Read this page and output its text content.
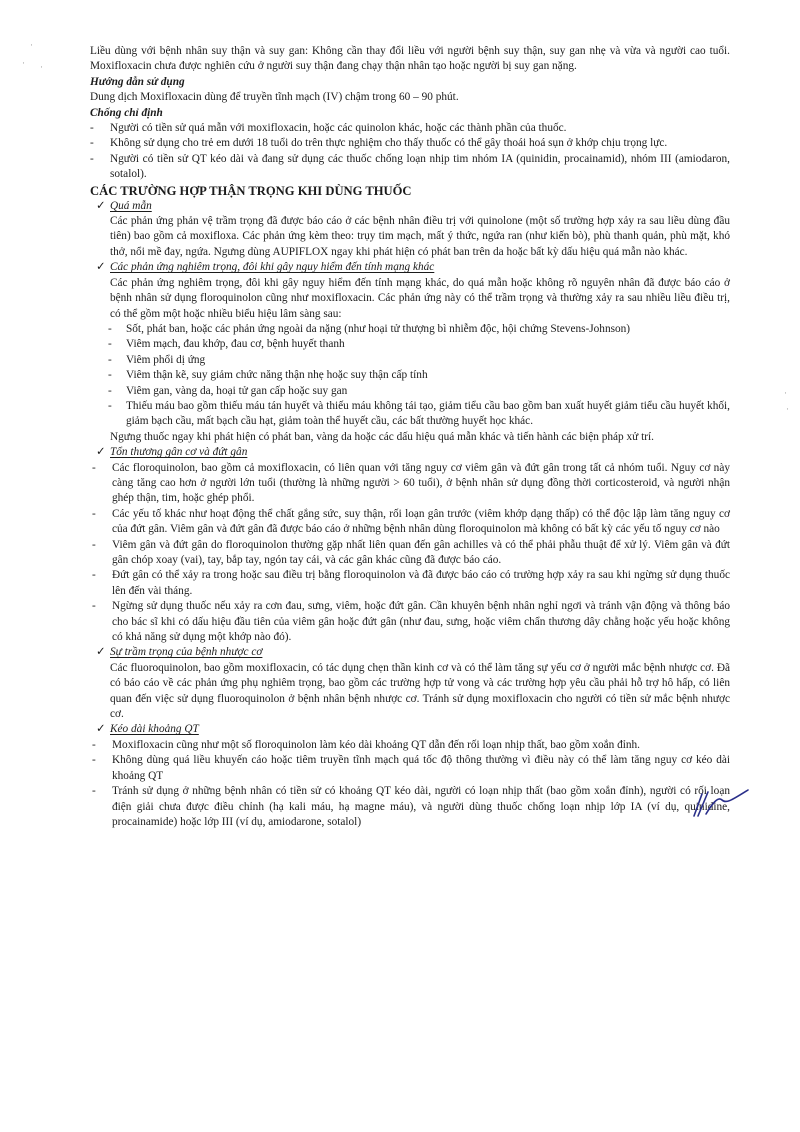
Liều dùng với bệnh nhân suy thận và suy gan: Không cần thay đổi liều với người bệnh suy thận, suy gan nhẹ và vừa và người cao tuổi. Moxifloxacin chưa được nghiên cứu ở người suy thận đang chạy thận nhân tạo hoặc người bị suy gan nặng.

Hướng dẫn sử dụng

Dung dịch Moxifloxacin dùng để truyền tĩnh mạch (IV) chậm trong 60 – 90 phút.

Chống chỉ định

-	Người có tiền sử quá mẫn với moxifloxacin, hoặc các quinolon khác, hoặc các thành phần của thuốc.
-	Không sử dụng cho trẻ em dưới 18 tuổi do trên thực nghiệm cho thấy thuốc có thể gây thoái hoá sụn ở khớp chịu trọng lực.
-	Người có tiền sử QT kéo dài và đang sử dụng các thuốc chống loạn nhịp tim nhóm IA (quinidin, procainamid), nhóm III (amiodaron, sotalol).

CÁC TRƯỜNG HỢP THẬN TRỌNG KHI DÙNG THUỐC

✓ Quá mẫn

Các phản ứng phản vệ trầm trọng đã được báo cáo ở các bệnh nhân điều trị với quinolone (một số trường hợp xảy ra sau liều dùng đầu tiên) bao gồm cả moxifloxa. Các phản ứng kèm theo: trụy tim mạch, mất ý thức, ngứa ran (như kiến bò), phù thanh quản, phù mặt, khó thở, nổi mề đay, ngứa. Ngưng dùng AUPIFLOX ngay khi phát hiện có phát ban trên da hoặc bất kỳ dấu hiệu quá mẫn nào khác.

✓ Các phản ứng nghiêm trọng, đôi khi gây nguy hiểm đến tính mạng khác

Các phản ứng nghiêm trọng, đôi khi gây nguy hiểm đến tính mạng khác, do quá mẫn hoặc không rõ nguyên nhân đã được báo cáo ở bệnh nhân sử dụng floroquinolon cũng như moxifloxacin. Các phản ứng này có thể trầm trọng và thường xảy ra sau nhiều liều điều trị, có thể gồm một hoặc nhiều biểu hiệu lâm sàng sau:

-	Sốt, phát ban, hoặc các phản ứng ngoài da nặng (như hoại tử thượng bì nhiễm độc, hội chứng Stevens-Johnson)
-	Viêm mạch, đau khớp, đau cơ, bệnh huyết thanh
-	Viêm phổi dị ứng
-	Viêm thận kẽ, suy giảm chức năng thận nhẹ hoặc suy thận cấp tính
-	Viêm gan, vàng da, hoại tử gan cấp hoặc suy gan
-	Thiếu máu bao gồm thiếu máu tán huyết và thiếu máu không tái tạo, giảm tiểu cầu bao gồm ban xuất huyết giảm tiểu cầu huyết khối, giảm bạch cầu, mất bạch cầu hạt, giảm toàn thể huyết cầu, các bất thường huyết học khác.

Ngưng thuốc ngay khi phát hiện có phát ban, vàng da hoặc các dấu hiệu quá mẫn khác và tiến hành các biện pháp xử trí.

✓ Tổn thương gân cơ và đứt gân

-	Các floroquinolon, bao gồm cả moxifloxacin, có liên quan với tăng nguy cơ viêm gân và đứt gân trong tất cả nhóm tuổi. Nguy cơ này càng tăng cao hơn ở người lớn tuổi (thường là những người > 60 tuổi), ở bệnh nhân sử dụng đồng thời corticosteroid, và người nhận ghép thận, tim, hoặc ghép phổi.
-	Các yếu tố khác như hoạt động thể chất gắng sức, suy thận, rối loạn gân trước (viêm khớp dạng thấp) có thể độc lập làm tăng nguy cơ của đứt gân. Viêm gân và đứt gân đã được báo cáo ở những bệnh nhân dùng floroquinolon mà không có bất kỳ các yếu tố nguy cơ nào
-	Viêm gân và đứt gân do floroquinolon thường gặp nhất liên quan đến gân achilles và có thể phải phẫu thuật để xử lý. Viêm gân và đứt gân chóp xoay (vai), tay, bắp tay, ngón tay cái, và các gân khác cũng đã được báo cáo.
-	Đứt gân có thể xảy ra trong hoặc sau điều trị bằng floroquinolon và đã được báo cáo có trường hợp xảy ra sau khi ngừng sử dụng thuốc lên đến vài tháng.
-	Ngừng sử dụng thuốc nếu xảy ra cơn đau, sưng, viêm, hoặc đứt gân. Cần khuyên bệnh nhân nghỉ ngơi và tránh vận động và thông báo cho bác sĩ khi có dấu hiệu đầu tiên của viêm gân hoặc đứt gân (như đau, sưng, hoặc viêm chẩn thương dây chằng hoặc yếu hoặc không có khả năng sử dụng một khớp nào đó).

✓ Sự trầm trọng của bệnh nhược cơ

Các fluoroquinolon, bao gồm moxifloxacin, có tác dụng chẹn thần kinh cơ và có thể làm tăng sự yếu cơ ở người mắc bệnh nhược cơ. Đã có báo cáo về các phản ứng phụ nghiêm trọng, bao gồm các trường hợp tử vong và các trường hợp yêu cầu phải hỗ trợ hô hấp, có liên quan đến việc sử dụng fluoroquinolon ở bệnh nhân bệnh nhược cơ. Tránh sử dụng moxifloxacin cho người có tiền sử mắc bệnh nhược cơ.

✓ Kéo dài khoảng QT

-	Moxifloxacin cũng như một số floroquinolon làm kéo dài khoảng QT dẫn đến rối loạn nhịp thất, bao gồm xoắn đỉnh.
-	Không dùng quá liều khuyến cáo hoặc tiêm truyền tĩnh mạch quá tốc độ thông thường vì điều này có thể làm tăng nguy cơ kéo dài khoảng QT
-	Tránh sử dụng ở những bệnh nhân có tiền sử có khoảng QT kéo dài, người có loạn nhịp thất (bao gồm xoắn đỉnh), người có rối loạn điện giải chưa được điều chỉnh (hạ kali máu, hạ magne máu), và người dùng thuốc chống loạn nhịp lớp IA (ví dụ, quinidine, procainamide) hoặc lớp III (ví dụ, amiodarone, sotalol)
·
· ·
·
·
